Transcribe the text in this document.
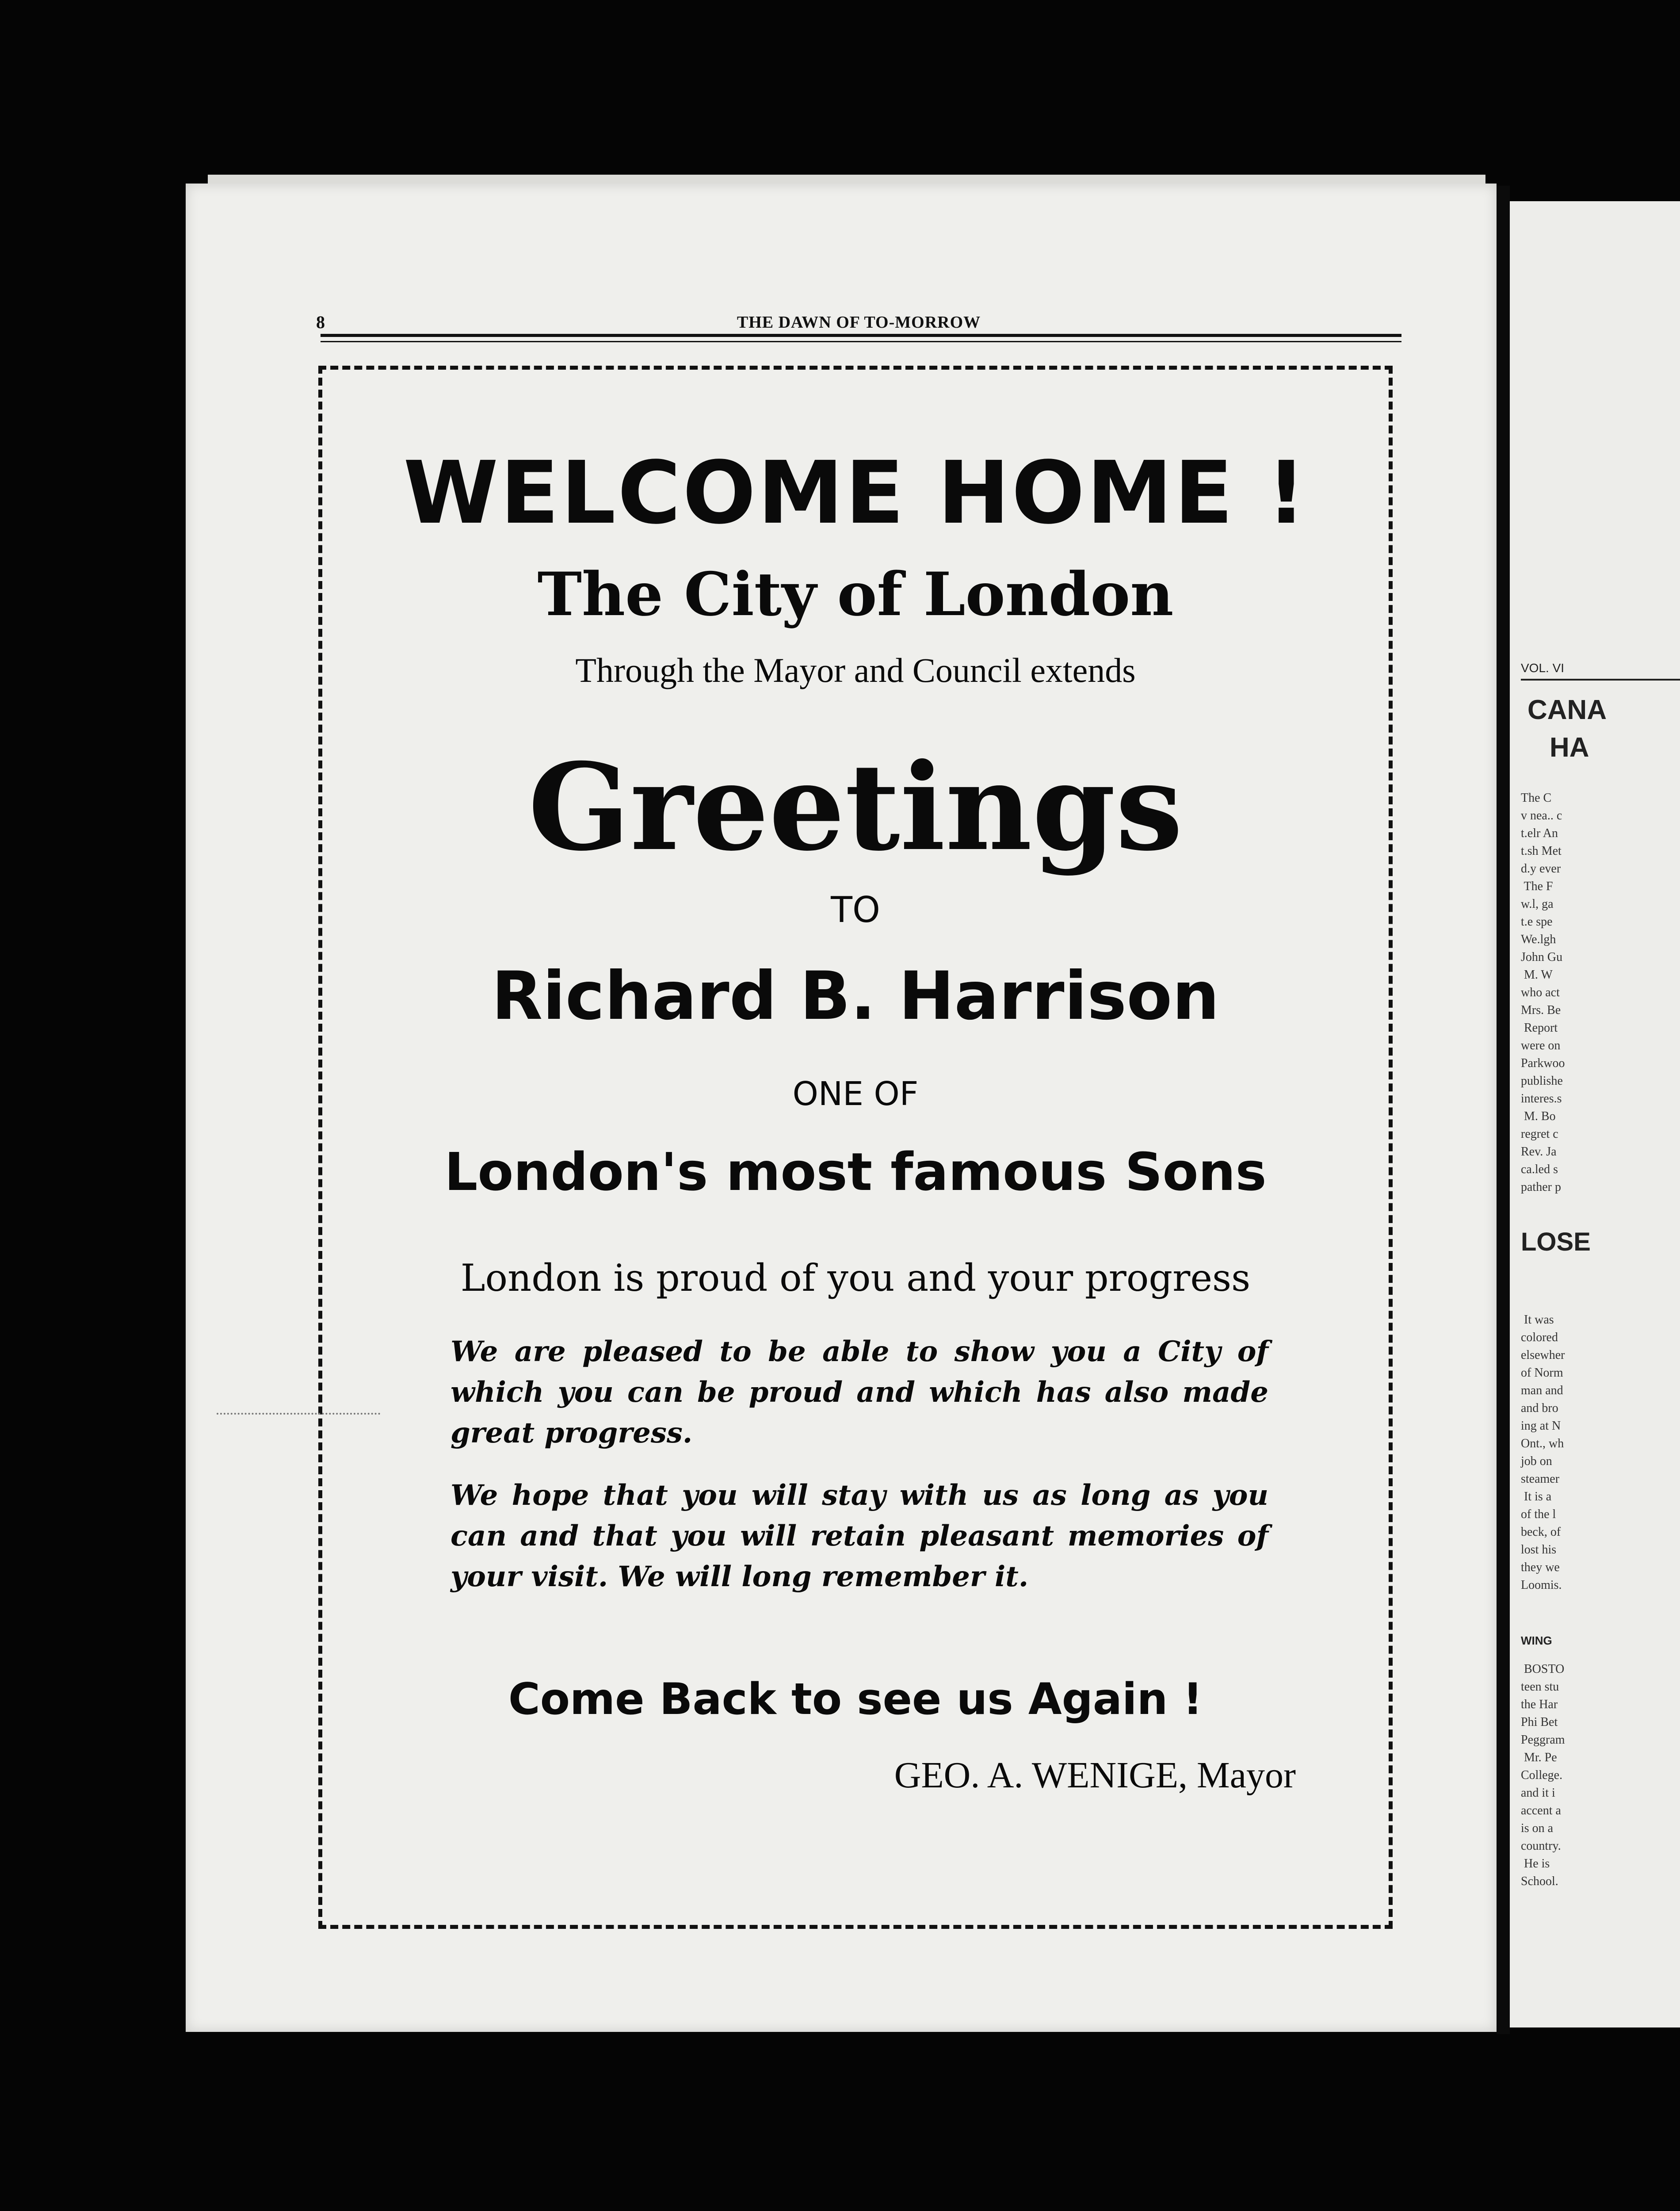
8	THE DAWN OF TO-MORROW
WELCOME HOME !
The City of London
Through the Mayor and Council extends
Greetings
TO
Richard B. Harrison
ONE OF
London's most famous Sons
London is proud of you and your progress
We are pleased to be able to show you a City of which you can be proud and which has also made great progress.
We hope that you will stay with us as long as you can and that you will retain pleasant memories of your visit. We will long remember it.
Come Back to see us Again !
GEO. A. WENIGE, Mayor
VOL. VI
CANA
HA
The C
v nea.. c
t.elr An
t.sh Met
d.y ever
The F
w.l, ga
t.e spe
We.lgh
John Gu
M. W
who act
Mrs. Be
Report
were on
Parkwoo
publishe
interes.s
M. Bo
regret c
Rev. Ja
ca.led s
pather p
LOSE
It was
colored
elsewher
of Norm
man and
and bro
ing at N
Ont., wh
job on
steamer
It is a
of the l
beck, of
lost his
they we
Loomis.
WING
BOSTO
teen stu
the Har
Phi Bet
Peggram
Mr. Pe
College.
and it i
accent a
is on a
country.
He is
School.
